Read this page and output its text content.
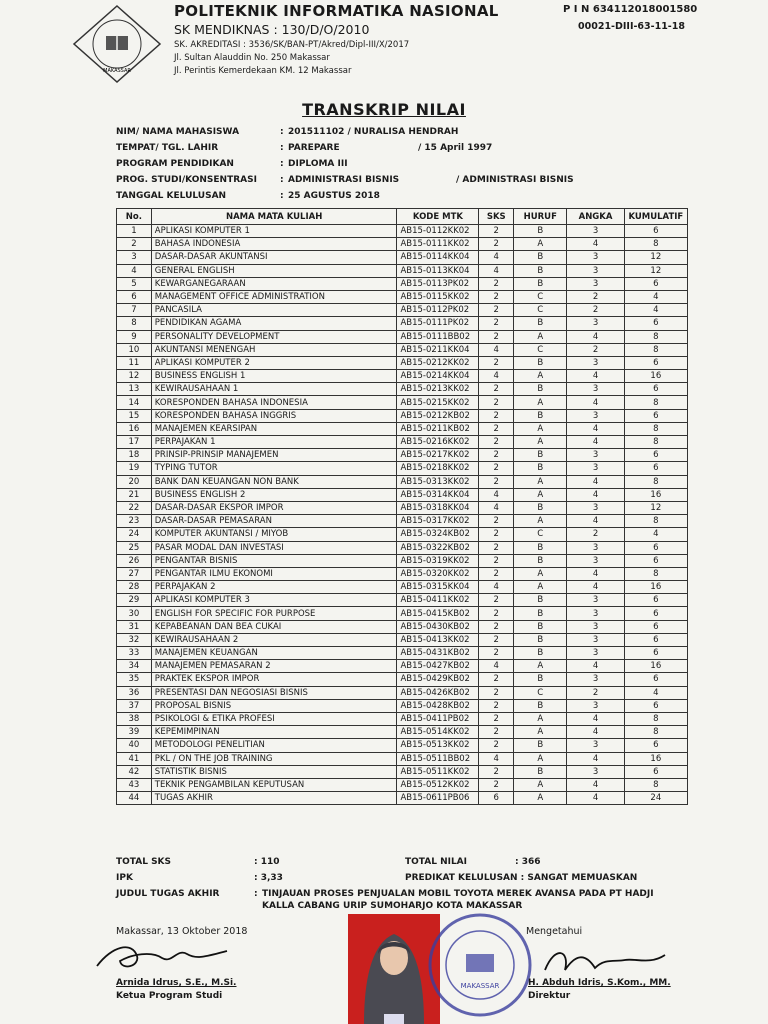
MAKASSAR
POLITEKNIK INFORMATIKA NASIONAL
SK MENDIKNAS : 130/D/O/2010
SK. AKREDITASI : 3536/SK/BAN-PT/Akred/Dipl-III/X/2017
Jl. Sultan Alauddin No. 250 Makassar
Jl. Perintis Kemerdekaan KM. 12 Makassar
P I N 634112018001580
00021-DIII-63-11-18
TRANSKRIP NILAI
NIM/ NAMA MAHASISWA	: 201511102 / NURALISA HENDRAH
TEMPAT/ TGL. LAHIR	: PAREPARE	/ 15 April 1997
PROGRAM PENDIDIKAN	: DIPLOMA III
PROG. STUDI/KONSENTRASI	: ADMINISTRASI BISNIS	/ ADMINISTRASI BISNIS
TANGGAL KELULUSAN	: 25 AGUSTUS 2018
No.	NAMA MATA KULIAH	KODE MTK	SKS	HURUF	ANGKA	KUMULATIF
1	APLIKASI KOMPUTER 1	AB15-0112KK02	2	B	3	6
2	BAHASA INDONESIA	AB15-0111KK02	2	A	4	8
3	DASAR-DASAR AKUNTANSI	AB15-0114KK04	4	B	3	12
4	GENERAL ENGLISH	AB15-0113KK04	4	B	3	12
5	KEWARGANEGARAAN	AB15-0113PK02	2	B	3	6
6	MANAGEMENT OFFICE ADMINISTRATION	AB15-0115KK02	2	C	2	4
7	PANCASILA	AB15-0112PK02	2	C	2	4
8	PENDIDIKAN AGAMA	AB15-0111PK02	2	B	3	6
9	PERSONALITY DEVELOPMENT	AB15-0111BB02	2	A	4	8
10	AKUNTANSI MENENGAH	AB15-0211KK04	4	C	2	8
11	APLIKASI KOMPUTER 2	AB15-0212KK02	2	B	3	6
12	BUSINESS ENGLISH 1	AB15-0214KK04	4	A	4	16
13	KEWIRAUSAHAAN 1	AB15-0213KK02	2	B	3	6
14	KORESPONDEN BAHASA INDONESIA	AB15-0215KK02	2	A	4	8
15	KORESPONDEN BAHASA INGGRIS	AB15-0212KB02	2	B	3	6
16	MANAJEMEN KEARSIPAN	AB15-0211KB02	2	A	4	8
17	PERPAJAKAN 1	AB15-0216KK02	2	A	4	8
18	PRINSIP-PRINSIP MANAJEMEN	AB15-0217KK02	2	B	3	6
19	TYPING TUTOR	AB15-0218KK02	2	B	3	6
20	BANK DAN KEUANGAN NON BANK	AB15-0313KK02	2	A	4	8
21	BUSINESS ENGLISH 2	AB15-0314KK04	4	A	4	16
22	DASAR-DASAR EKSPOR IMPOR	AB15-0318KK04	4	B	3	12
23	DASAR-DASAR PEMASARAN	AB15-0317KK02	2	A	4	8
24	KOMPUTER AKUNTANSI / MIYOB	AB15-0324KB02	2	C	2	4
25	PASAR MODAL DAN INVESTASI	AB15-0322KB02	2	B	3	6
26	PENGANTAR BISNIS	AB15-0319KK02	2	B	3	6
27	PENGANTAR ILMU EKONOMI	AB15-0320KK02	2	A	4	8
28	PERPAJAKAN 2	AB15-0315KK04	4	A	4	16
29	APLIKASI KOMPUTER 3	AB15-0411KK02	2	B	3	6
30	ENGLISH FOR SPECIFIC FOR PURPOSE	AB15-0415KB02	2	B	3	6
31	KEPABEANAN DAN BEA CUKAI	AB15-0430KB02	2	B	3	6
32	KEWIRAUSAHAAN 2	AB15-0413KK02	2	B	3	6
33	MANAJEMEN KEUANGAN	AB15-0431KB02	2	B	3	6
34	MANAJEMEN PEMASARAN 2	AB15-0427KB02	4	A	4	16
35	PRAKTEK EKSPOR IMPOR	AB15-0429KB02	2	B	3	6
36	PRESENTASI DAN NEGOSIASI BISNIS	AB15-0426KB02	2	C	2	4
37	PROPOSAL BISNIS	AB15-0428KB02	2	B	3	6
38	PSIKOLOGI & ETIKA PROFESI	AB15-0411PB02	2	A	4	8
39	KEPEMIMPINAN	AB15-0514KK02	2	A	4	8
40	METODOLOGI PENELITIAN	AB15-0513KK02	2	B	3	6
41	PKL / ON THE JOB TRAINING	AB15-0511BB02	4	A	4	16
42	STATISTIK BISNIS	AB15-0511KK02	2	B	3	6
43	TEKNIK PENGAMBILAN KEPUTUSAN	AB15-0512KK02	2	A	4	8
44	TUGAS AKHIR	AB15-0611PB06	6	A	4	24
TOTAL SKS	: 110	TOTAL NILAI	: 366
IPK	: 3,33	PREDIKAT KELULUSAN : SANGAT MEMUASKAN
JUDUL TUGAS AKHIR	: TINJAUAN PROSES PENJUALAN MOBIL TOYOTA MEREK AVANSA PADA PT HADJI
KALLA CABANG URIP SUMOHARJO KOTA MAKASSAR
Makassar, 13 Oktober 2018
Arnida Idrus, S.E., M.Si.
Ketua Program Studi
MAKASSAR
Mengetahui
H. Abduh Idris, S.Kom., MM.
Direktur
